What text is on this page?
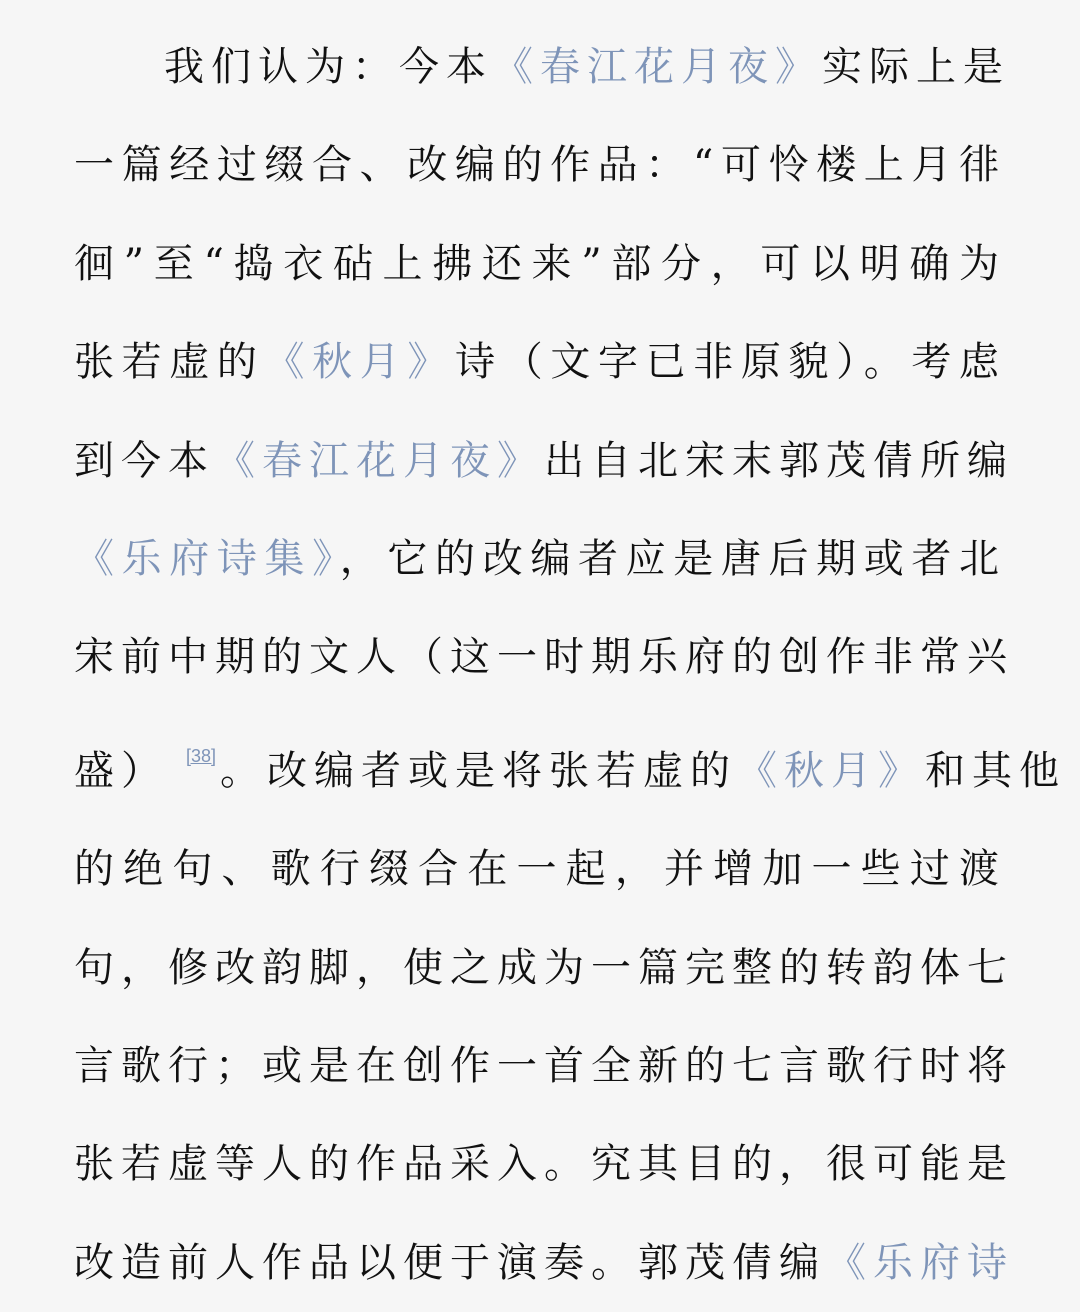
我们认为：今本《春江花月夜》实际上是
一篇经过缀合、改编的作品：“可怜楼上月徘
徊”至“捣衣砧上拂还来”部分，可以明确为
张若虚的《秋月》诗（文字已非原貌）。考虑
到今本《春江花月夜》出自北宋末郭茂倩所编
《乐府诗集》，它的改编者应是唐后期或者北
宋前中期的文人（这一时期乐府的创作非常兴
盛） [38] 。改编者或是将张若虚的《秋月》和其他
的绝句、歌行缀合在一起，并增加一些过渡
句，修改韵脚，使之成为一篇完整的转韵体七
言歌行；或是在创作一首全新的七言歌行时将
张若虚等人的作品采入。究其目的，很可能是
改造前人作品以便于演奏。郭茂倩编《乐府诗
